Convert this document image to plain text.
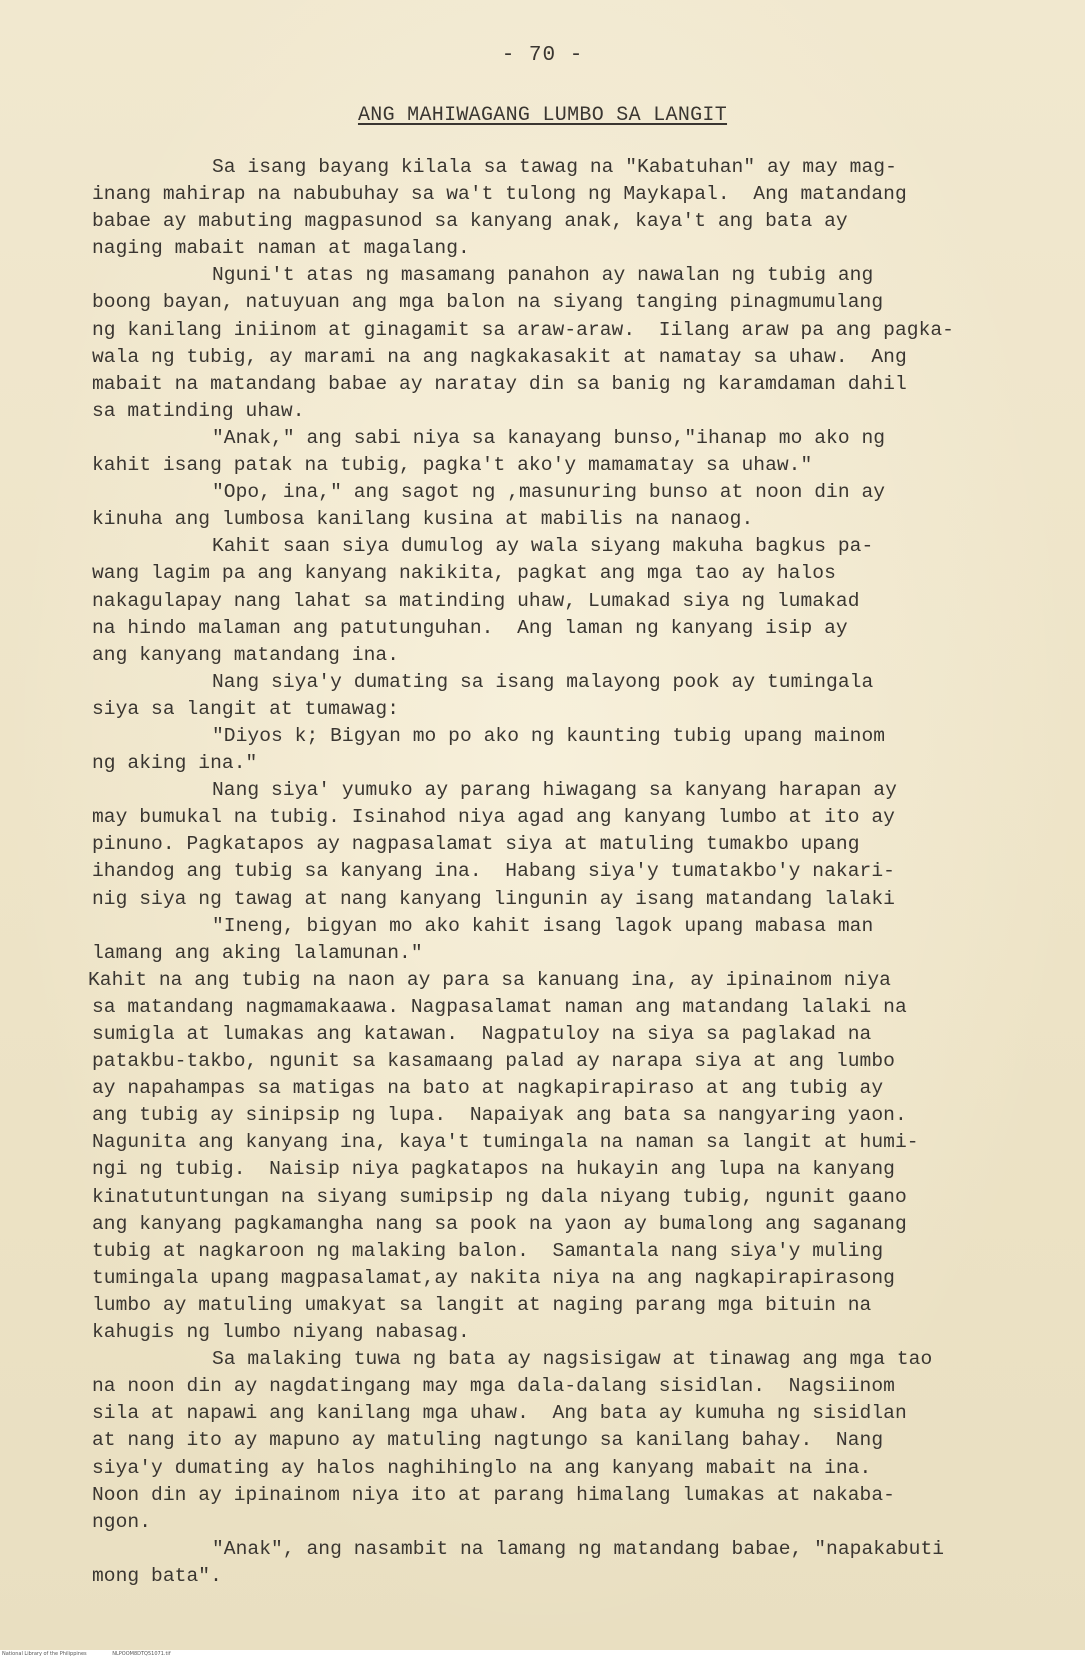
- 70 -
ANG MAHIWAGANG LUMBO SA LANGIT
Sa isang bayang kilala sa tawag na "Kabatuhan" ay may mag-
inang mahirap na nabubuhay sa wa't tulong ng Maykapal.  Ang matandang
babae ay mabuting magpasunod sa kanyang anak, kaya't ang bata ay
naging mabait naman at magalang.
Nguni't atas ng masamang panahon ay nawalan ng tubig ang
boong bayan, natuyuan ang mga balon na siyang tanging pinagmumulang
ng kanilang iniinom at ginagamit sa araw-araw.  Iilang araw pa ang pagka-
wala ng tubig, ay marami na ang nagkakasakit at namatay sa uhaw.  Ang
mabait na matandang babae ay naratay din sa banig ng karamdaman dahil
sa matinding uhaw.
"Anak," ang sabi niya sa kanayang bunso,"ihanap mo ako ng
kahit isang patak na tubig, pagka't ako'y mamamatay sa uhaw."
"Opo, ina," ang sagot ng ,masunuring bunso at noon din ay
kinuha ang lumbosa kanilang kusina at mabilis na nanaog.
Kahit saan siya dumulog ay wala siyang makuha bagkus pa-
wang lagim pa ang kanyang nakikita, pagkat ang mga tao ay halos
nakagulapay nang lahat sa matinding uhaw, Lumakad siya ng lumakad
na hindo malaman ang patutunguhan.  Ang laman ng kanyang isip ay
ang kanyang matandang ina.
Nang siya'y dumating sa isang malayong pook ay tumingala
siya sa langit at tumawag:
"Diyos k; Bigyan mo po ako ng kaunting tubig upang mainom
ng aking ina."
Nang siya' yumuko ay parang hiwagang sa kanyang harapan ay
may bumukal na tubig. Isinahod niya agad ang kanyang lumbo at ito ay
pinuno. Pagkatapos ay nagpasalamat siya at matuling tumakbo upang
ihandog ang tubig sa kanyang ina.  Habang siya'y tumatakbo'y nakari-
nig siya ng tawag at nang kanyang lingunin ay isang matandang lalaki
"Ineng, bigyan mo ako kahit isang lagok upang mabasa man
lamang ang aking lalamunan."
Kahit na ang tubig na naon ay para sa kanuang ina, ay ipinainom niya
sa matandang nagmamakaawa. Nagpasalamat naman ang matandang lalaki na
sumigla at lumakas ang katawan.  Nagpatuloy na siya sa paglakad na
patakbu-takbo, ngunit sa kasamaang palad ay narapa siya at ang lumbo
ay napahampas sa matigas na bato at nagkapirapiraso at ang tubig ay
ang tubig ay sinipsip ng lupa.  Napaiyak ang bata sa nangyaring yaon.
Nagunita ang kanyang ina, kaya't tumingala na naman sa langit at humi-
ngi ng tubig.  Naisip niya pagkatapos na hukayin ang lupa na kanyang
kinatutuntungan na siyang sumipsip ng dala niyang tubig, ngunit gaano
ang kanyang pagkamangha nang sa pook na yaon ay bumalong ang saganang
tubig at nagkaroon ng malaking balon.  Samantala nang siya'y muling
tumingala upang magpasalamat,ay nakita niya na ang nagkapirapirasong
lumbo ay matuling umakyat sa langit at naging parang mga bituin na
kahugis ng lumbo niyang nabasag.
Sa malaking tuwa ng bata ay nagsisigaw at tinawag ang mga tao
na noon din ay nagdatingang may mga dala-dalang sisidlan.  Nagsiinom
sila at napawi ang kanilang mga uhaw.  Ang bata ay kumuha ng sisidlan
at nang ito ay mapuno ay matuling nagtungo sa kanilang bahay.  Nang
siya'y dumating ay halos naghihinglo na ang kanyang mabait na ina.
Noon din ay ipinainom niya ito at parang himalang lumakas at nakaba-
ngon.
"Anak", ang nasambit na lamang ng matandang babae, "napakabuti
mong bata".
National Library of the Philippines	NLPOOM8DTQ51071.tif
